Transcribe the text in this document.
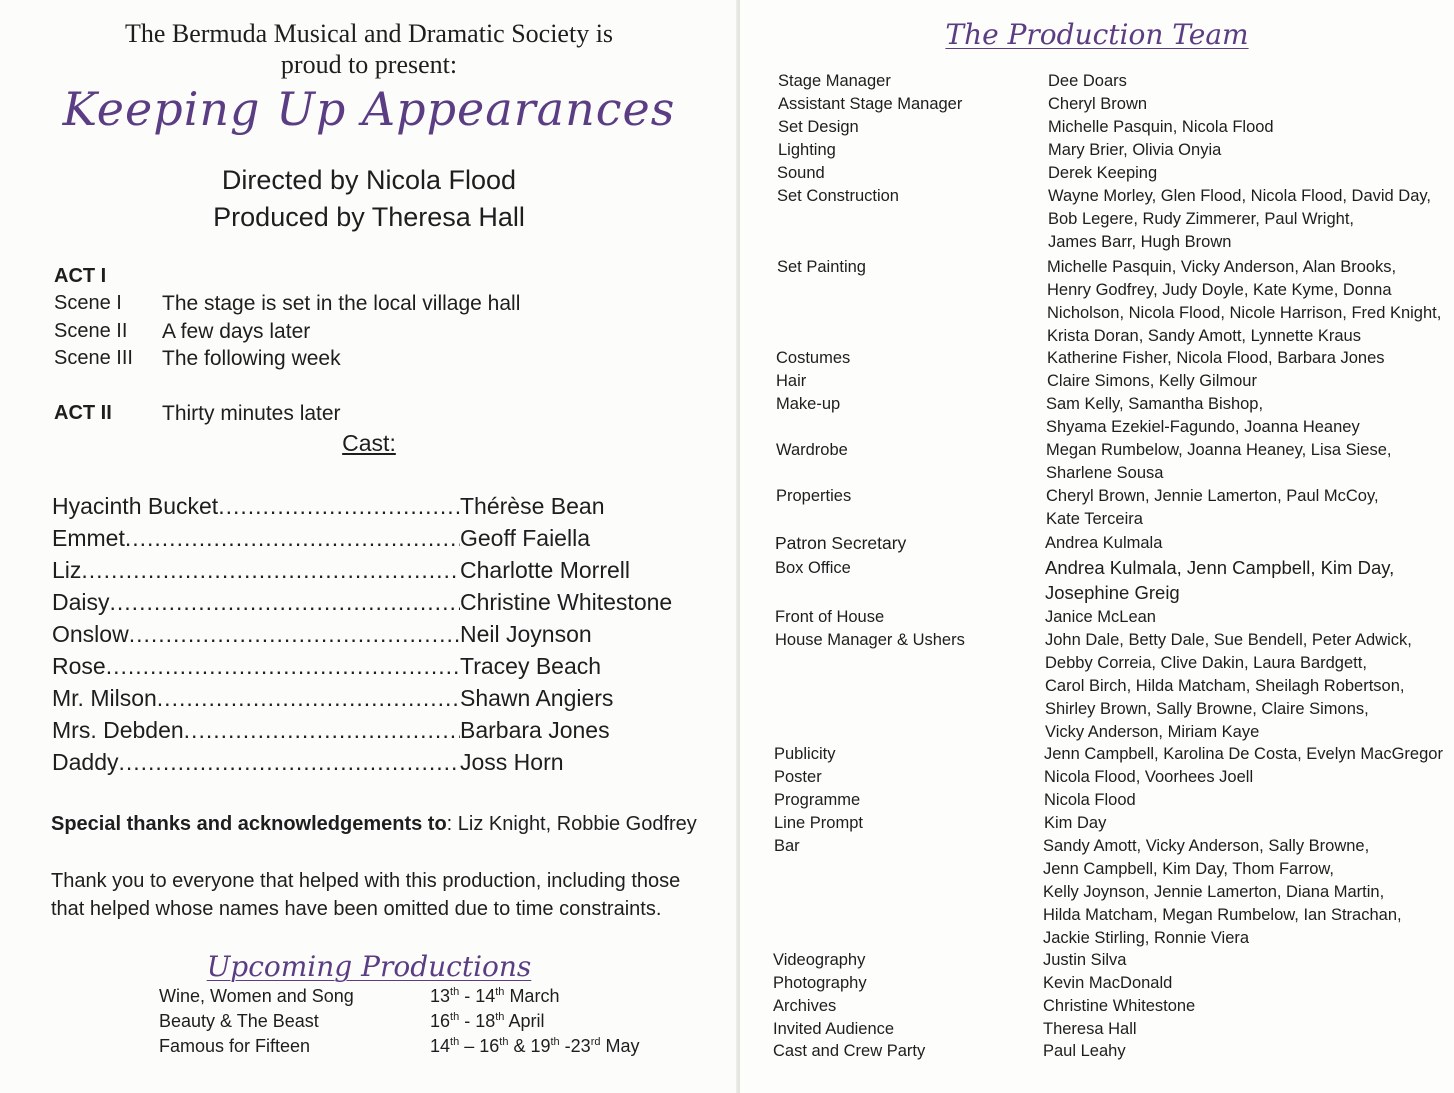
The Bermuda Musical and Dramatic Society is
proud to present:
Keeping Up Appearances
Directed by Nicola Flood
Produced by Theresa Hall
ACT I
Scene I The stage is set in the local village hall
Scene II A few days later
Scene III The following week
ACT II Thirty minutes later
Cast:
Hyacinth Bucket .....	Thérèse Bean
Emmet .....	Geoff Faiella
Liz .....	Charlotte Morrell
Daisy .....	Christine Whitestone
Onslow .....	Neil Joynson
Rose .....	Tracey Beach
Mr. Milson .....	Shawn Angiers
Mrs. Debden .....	Barbara Jones
Daddy .....	Joss Horn
Special thanks and acknowledgements to: Liz Knight, Robbie Godfrey
Thank you to everyone that helped with this production, including those that helped whose names have been omitted due to time constraints.
Upcoming Productions
Wine, Women and Song	13th - 14th March
Beauty & The Beast	16th - 18th April
Famous for Fifteen	14th – 16th & 19th -23rd May
The Production Team
Stage Manager	Dee Doars
Assistant Stage Manager	Cheryl Brown
Set Design	Michelle Pasquin, Nicola Flood
Lighting	Mary Brier, Olivia Onyia
Sound	Derek Keeping
Set Construction	Wayne Morley, Glen Flood, Nicola Flood, David Day,
Bob Legere, Rudy Zimmerer, Paul Wright,
James Barr, Hugh Brown
Set Painting	Michelle Pasquin, Vicky Anderson, Alan Brooks,
Henry Godfrey, Judy Doyle, Kate Kyme, Donna
Nicholson, Nicola Flood, Nicole Harrison, Fred Knight,
Krista Doran, Sandy Amott, Lynnette Kraus
Costumes	Katherine Fisher, Nicola Flood, Barbara Jones
Hair	Claire Simons, Kelly Gilmour
Make-up	Sam Kelly, Samantha Bishop,
Shyama Ezekiel-Fagundo, Joanna Heaney
Wardrobe	Megan Rumbelow, Joanna Heaney, Lisa Siese,
Sharlene Sousa
Properties	Cheryl Brown, Jennie Lamerton, Paul McCoy,
Kate Terceira
Patron Secretary	Andrea Kulmala
Box Office	Andrea Kulmala, Jenn Campbell, Kim Day,
Josephine Greig
Front of House	Janice McLean
House Manager & Ushers	John Dale, Betty Dale, Sue Bendell, Peter Adwick,
Debby Correia, Clive Dakin, Laura Bardgett,
Carol Birch, Hilda Matcham, Sheilagh Robertson,
Shirley Brown, Sally Browne, Claire Simons,
Vicky Anderson, Miriam Kaye
Publicity	Jenn Campbell, Karolina De Costa, Evelyn MacGregor
Poster	Nicola Flood, Voorhees Joell
Programme	Nicola Flood
Line Prompt	Kim Day
Bar	Sandy Amott, Vicky Anderson, Sally Browne,
Jenn Campbell, Kim Day, Thom Farrow,
Kelly Joynson, Jennie Lamerton, Diana Martin,
Hilda Matcham, Megan Rumbelow, Ian Strachan,
Jackie Stirling, Ronnie Viera
Videography	Justin Silva
Photography	Kevin MacDonald
Archives	Christine Whitestone
Invited Audience	Theresa Hall
Cast and Crew Party	Paul Leahy
